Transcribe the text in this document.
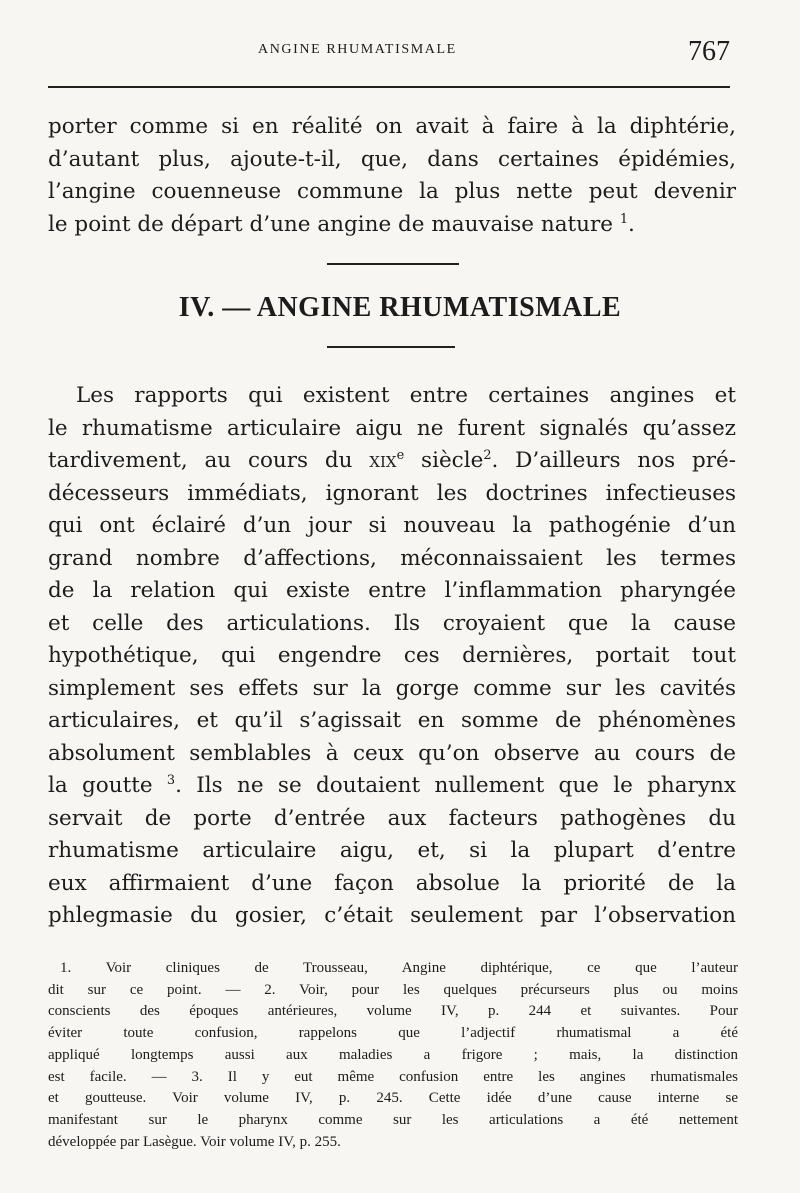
ANGINE RHUMATISMALE	767
porter comme si en réalité on avait à faire à la diphtérie,
d’autant plus, ajoute-t-il, que, dans certaines épidémies,
l’angine couenneuse commune la plus nette peut devenir
le point de départ d’une angine de mauvaise nature $^1$.
IV. — ANGINE RHUMATISMALE
Les rapports qui existent entre certaines angines et
le rhumatisme articulaire aigu ne furent signalés qu’assez
tardivement, au cours du xix$^e$ siècle$^2$. D’ailleurs nos pré-
décesseurs immédiats, ignorant les doctrines infectieuses
qui ont éclairé d’un jour si nouveau la pathogénie d’un
grand nombre d’affections, méconnaissaient les termes
de la relation qui existe entre l’inflammation pharyngée
et celle des articulations. Ils croyaient que la cause
hypothétique, qui engendre ces dernières, portait tout
simplement ses effets sur la gorge comme sur les cavités
articulaires, et qu’il s’agissait en somme de phénomènes
absolument semblables à ceux qu’on observe au cours de
la goutte $^3$. Ils ne se doutaient nullement que le pharynx
servait de porte d’entrée aux facteurs pathogènes du
rhumatisme articulaire aigu, et, si la plupart d’entre
eux affirmaient d’une façon absolue la priorité de la
phlegmasie du gosier, c’était seulement par l’observation
1. Voir cliniques de Trousseau, Angine diphtérique, ce que l’auteur
dit sur ce point. — 2. Voir, pour les quelques précurseurs plus ou moins
conscients des époques antérieures, volume IV, p. 244 et suivantes. Pour
éviter toute confusion, rappelons que l’adjectif rhumatismal a été
appliqué longtemps aussi aux maladies a frigore ; mais, la distinction
est facile. — 3. Il y eut même confusion entre les angines rhumatismales
et goutteuse. Voir volume IV, p. 245. Cette idée d’une cause interne se
manifestant sur le pharynx comme sur les articulations a été nettement
développée par Lasègue. Voir volume IV, p. 255.
